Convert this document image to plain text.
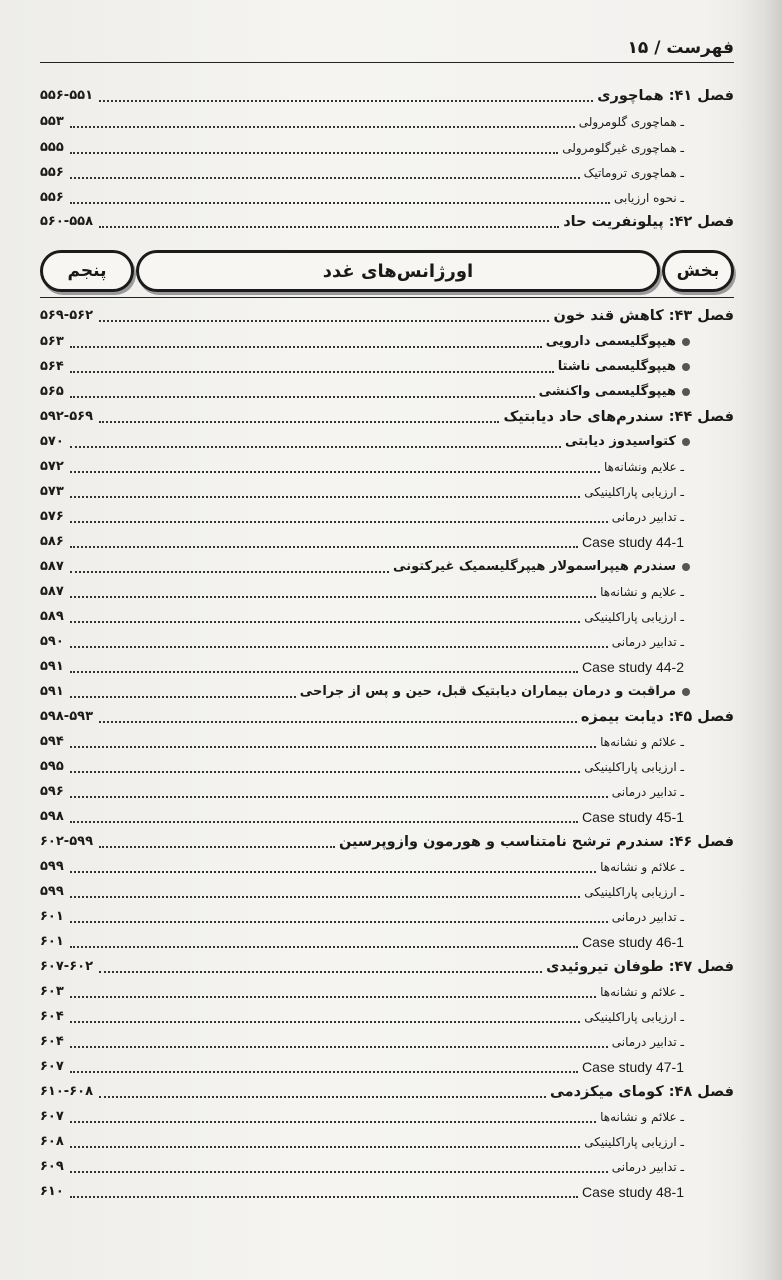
فهرست / ۱۵
فصل ۴۱: هماچوری
۵۵۶-۵۵۱
ـ هماچوری گلومرولی
۵۵۳
ـ هماچوری غیرگلومرولی
۵۵۵
ـ هماچوری تروماتیک
۵۵۶
ـ نحوه ارزیابی
۵۵۶
فصل ۴۲: پیلونفریت حاد
۵۶۰-۵۵۸
فصل ۴۳: کاهش قند خون
۵۶۹-۵۶۲
هیپوگلیسمی دارویی
۵۶۳
هیپوگلیسمی ناشتا
۵۶۴
هیپوگلیسمی واکنشی
۵۶۵
فصل ۴۴: سندرم‌های حاد دیابتیک
۵۹۲-۵۶۹
کتواسیدوز دیابتی
۵۷۰
ـ علایم ونشانه‌ها
۵۷۲
ـ ارزیابی پاراکلینیکی
۵۷۳
ـ تدابیر درمانی
۵۷۶
Case study 44-1
۵۸۶
سندرم هیپراسمولار هیپرگلیسمیک غیرکتونی
۵۸۷
ـ علایم و نشانه‌ها
۵۸۷
ـ ارزیابی پاراکلینیکی
۵۸۹
ـ تدابیر درمانی
۵۹۰
Case study 44-2
۵۹۱
مراقبت و درمان بیماران دیابتیک قبل، حین و پس از جراحی
۵۹۱
فصل ۴۵: دیابت بیمزه
۵۹۸-۵۹۳
ـ علائم و نشانه‌ها
۵۹۴
ـ ارزیابی پاراکلینیکی
۵۹۵
ـ تدابیر درمانی
۵۹۶
Case study 45-1
۵۹۸
فصل ۴۶: سندرم ترشح نامتناسب و هورمون وازوپرسین
۶۰۲-۵۹۹
ـ علائم و نشانه‌ها
۵۹۹
ـ ارزیابی پاراکلینیکی
۵۹۹
ـ تدابیر درمانی
۶۰۱
Case study 46-1
۶۰۱
فصل ۴۷: طوفان تیروئیدی
۶۰۷-۶۰۲
ـ علائم و نشانه‌ها
۶۰۳
ـ ارزیابی پاراکلینیکی
۶۰۴
ـ تدابیر درمانی
۶۰۴
Case study 47-1
۶۰۷
فصل ۴۸: کومای میکزدمی
۶۱۰-۶۰۸
ـ علائم و نشانه‌ها
۶۰۷
ـ ارزیابی پاراکلینیکی
۶۰۸
ـ تدابیر درمانی
۶۰۹
Case study 48-1
۶۱۰
بخش
اورژانس‌های غدد
پنجم
